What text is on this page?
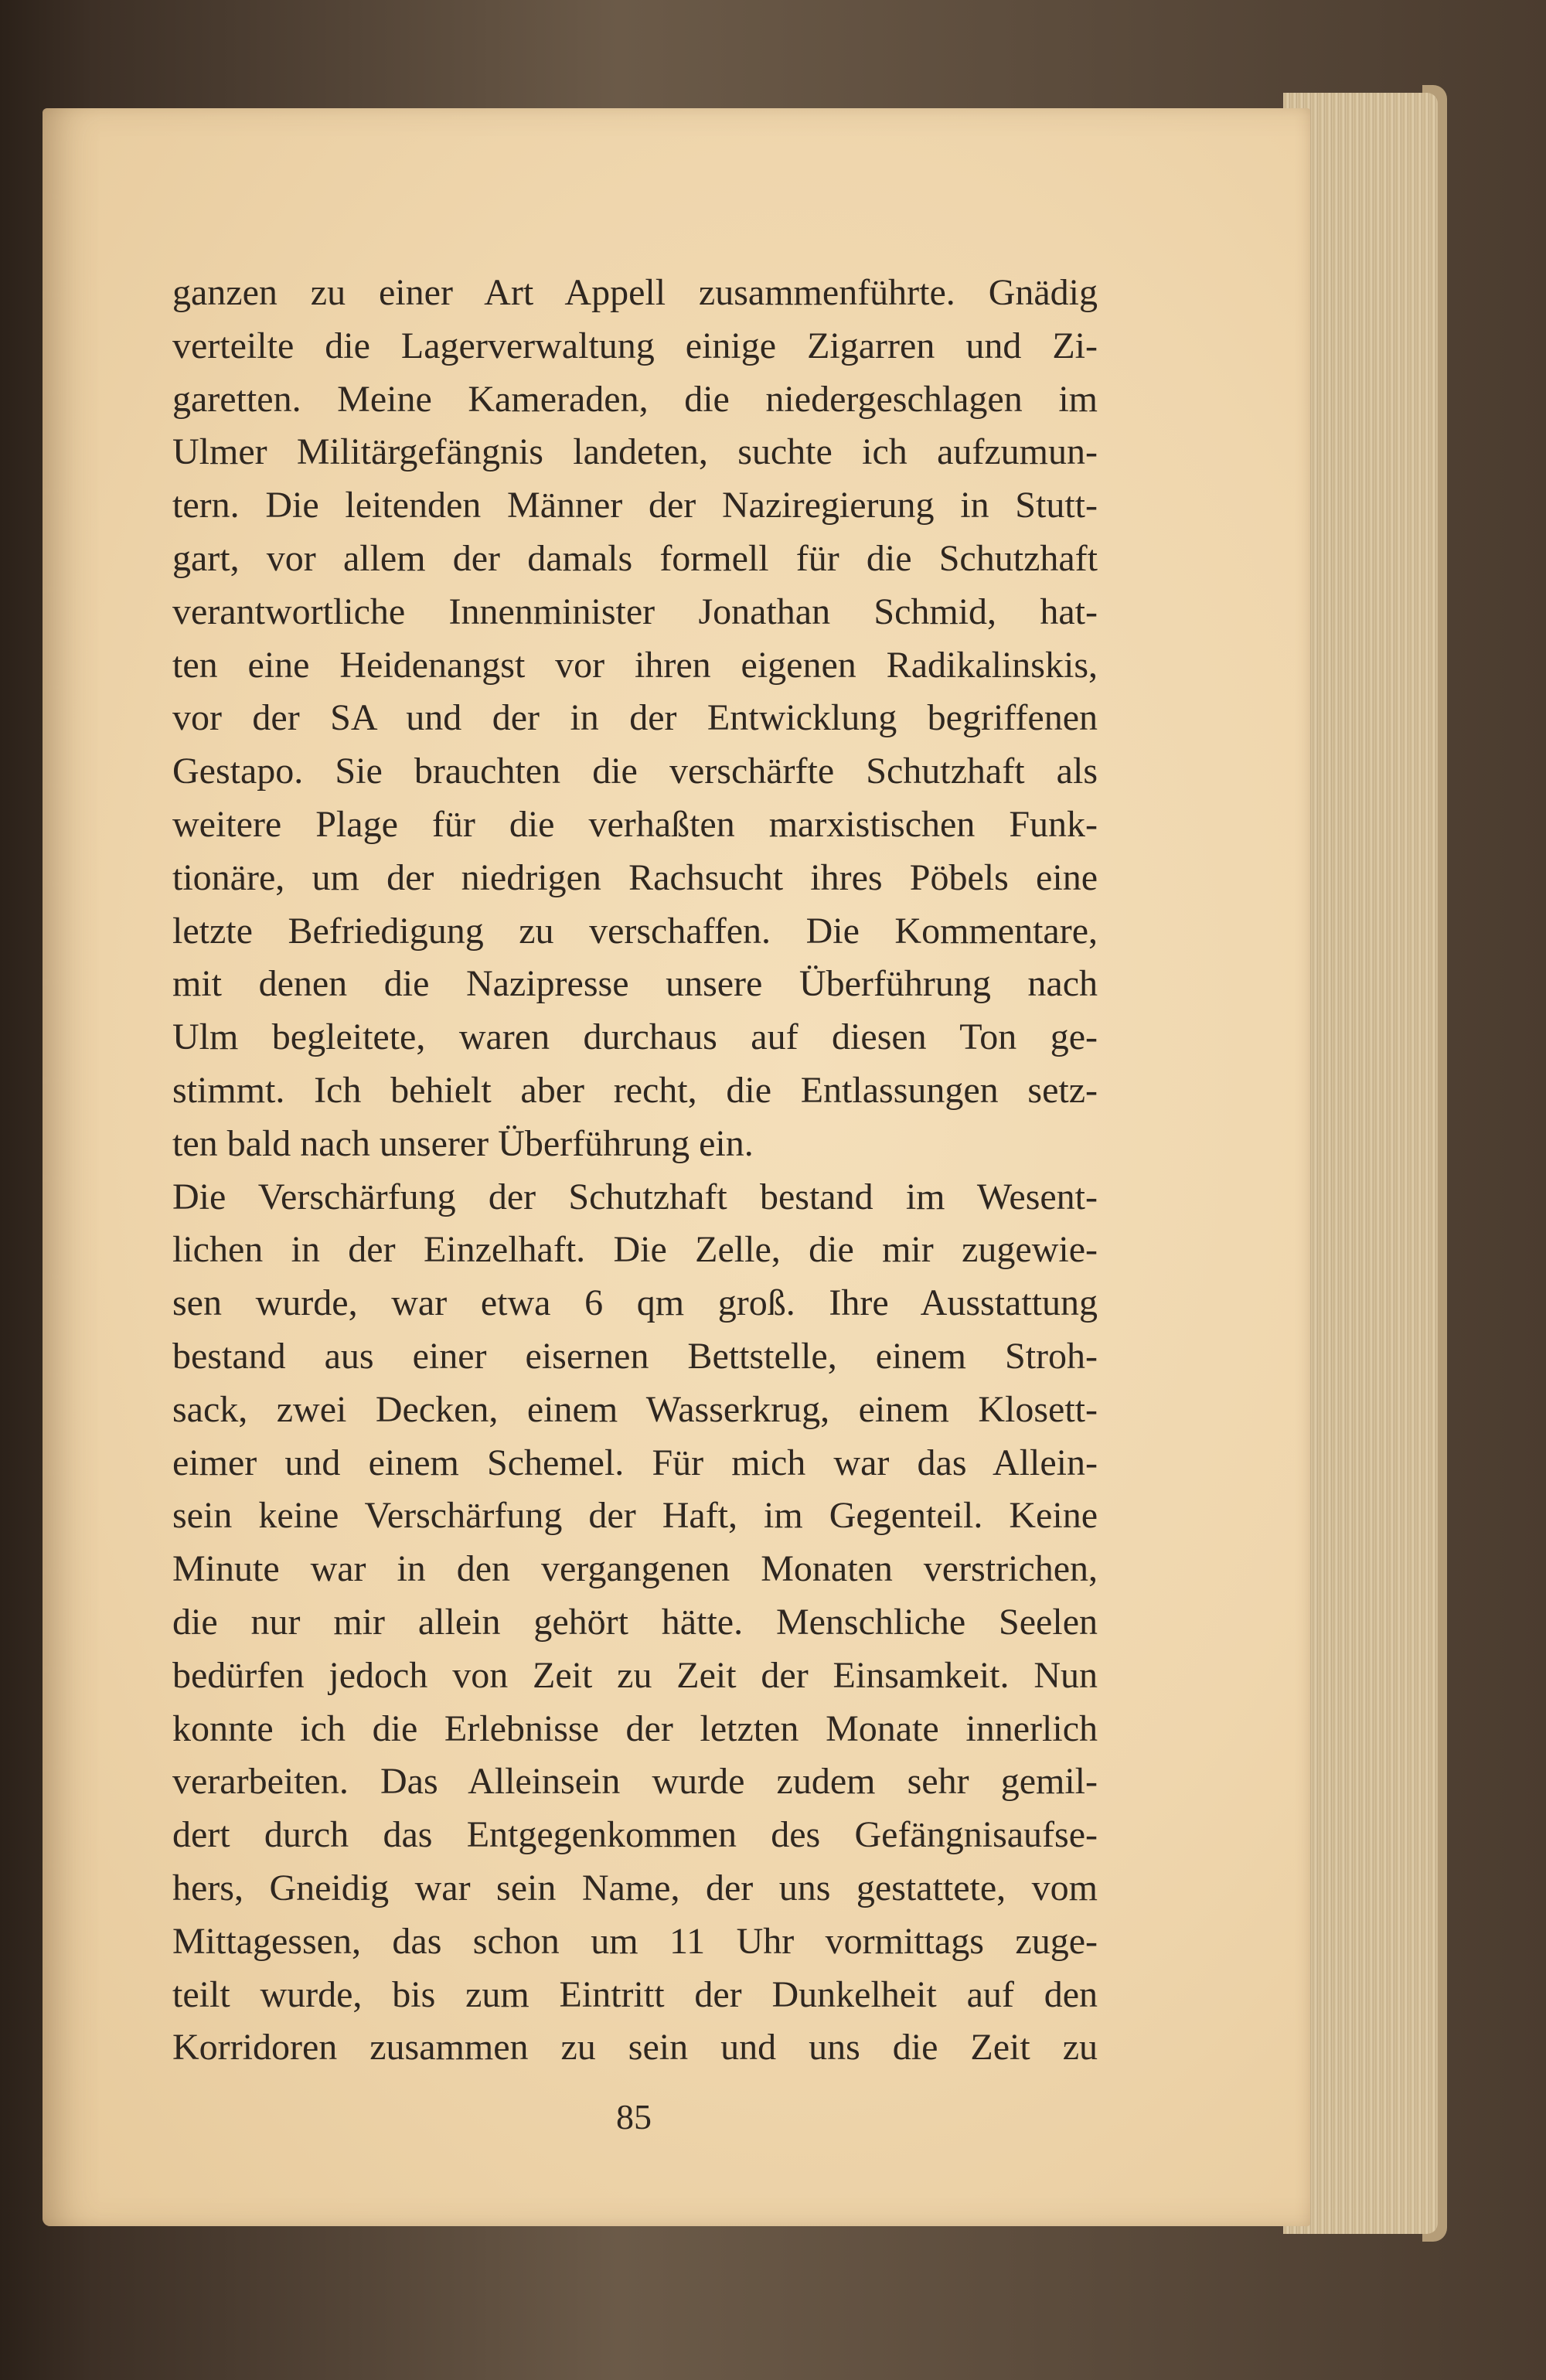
ganzen zu einer Art Appell zusammenführte. Gnädig
verteilte die Lagerverwaltung einige Zigarren und Zi-
garetten. Meine Kameraden, die niedergeschlagen im
Ulmer Militärgefängnis landeten, suchte ich aufzumun-
tern. Die leitenden Männer der Naziregierung in Stutt-
gart, vor allem der damals formell für die Schutzhaft
verantwortliche Innenminister Jonathan Schmid, hat-
ten eine Heidenangst vor ihren eigenen Radikalinskis,
vor der SA und der in der Entwicklung begriffenen
Gestapo. Sie brauchten die verschärfte Schutzhaft als
weitere Plage für die verhaßten marxistischen Funk-
tionäre, um der niedrigen Rachsucht ihres Pöbels eine
letzte Befriedigung zu verschaffen. Die Kommentare,
mit denen die Nazipresse unsere Überführung nach
Ulm begleitete, waren durchaus auf diesen Ton ge-
stimmt. Ich behielt aber recht, die Entlassungen setz-
ten bald nach unserer Überführung ein.
Die Verschärfung der Schutzhaft bestand im Wesent-
lichen in der Einzelhaft. Die Zelle, die mir zugewie-
sen wurde, war etwa 6 qm groß. Ihre Ausstattung
bestand aus einer eisernen Bettstelle, einem Stroh-
sack, zwei Decken, einem Wasserkrug, einem Klosett-
eimer und einem Schemel. Für mich war das Allein-
sein keine Verschärfung der Haft, im Gegenteil. Keine
Minute war in den vergangenen Monaten verstrichen,
die nur mir allein gehört hätte. Menschliche Seelen
bedürfen jedoch von Zeit zu Zeit der Einsamkeit. Nun
konnte ich die Erlebnisse der letzten Monate innerlich
verarbeiten. Das Alleinsein wurde zudem sehr gemil-
dert durch das Entgegenkommen des Gefängnisaufse-
hers, Gneidig war sein Name, der uns gestattete, vom
Mittagessen, das schon um 11 Uhr vormittags zuge-
teilt wurde, bis zum Eintritt der Dunkelheit auf den
Korridoren zusammen zu sein und uns die Zeit zu
85
